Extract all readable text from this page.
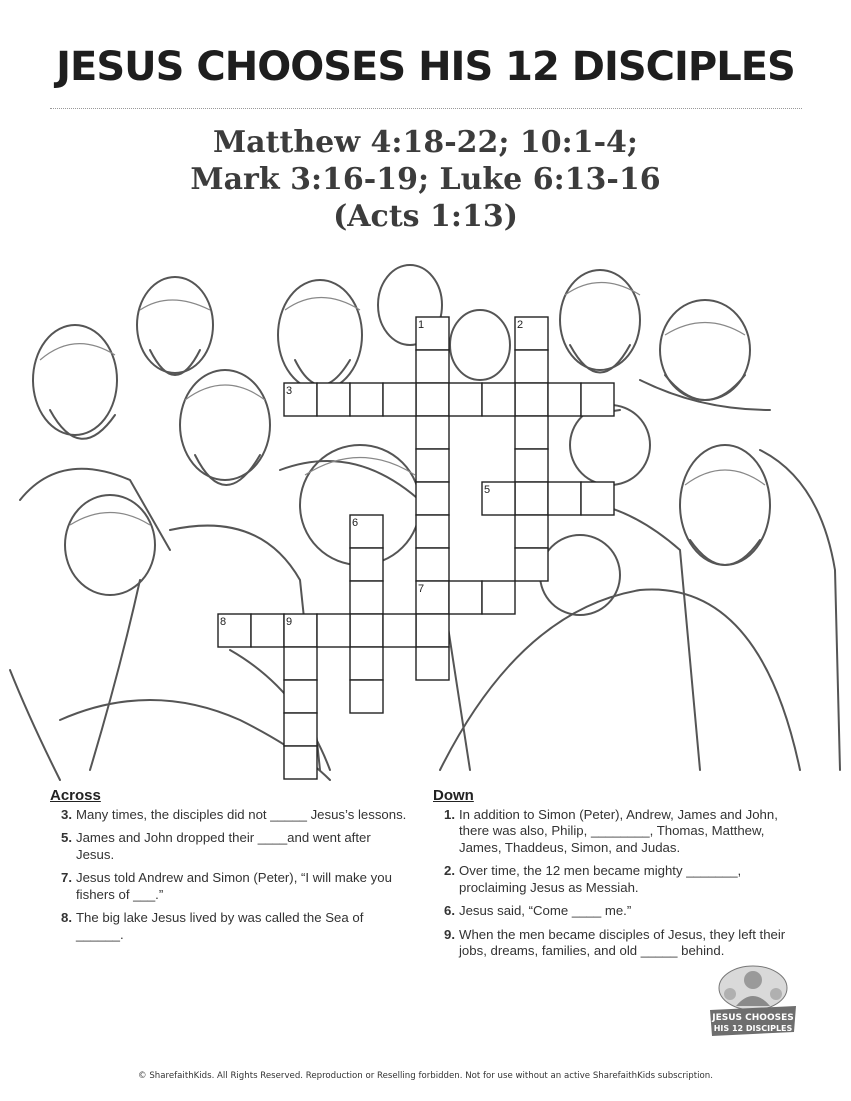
JESUS CHOOSES HIS 12 DISCIPLES
Matthew 4:18-22; 10:1-4;
Mark 3:16-19; Luke 6:13-16
(Acts 1:13)
1	2
3
5
6
7
8	9
Across
3. Many times, the disciples did not _____ Jesus’s lessons.
5. James and John dropped their ____and went after Jesus.
7. Jesus told Andrew and Simon (Peter), “I will make you fishers of ___.”
8. The big lake Jesus lived by was called the Sea of ______.
Down
1. In addition to Simon (Peter), Andrew, James and John, there was also, Philip, ________, Thomas, Matthew, James, Thaddeus, Simon, and Judas.
2. Over time, the 12 men became mighty _______, proclaiming Jesus as Messiah.
6. Jesus said, “Come ____ me.”
9. When the men became disciples of Jesus, they left their jobs, dreams, families, and old _____ behind.
JESUS CHOOSES
HIS 12 DISCIPLES
© SharefaithKids. All Rights Reserved. Reproduction or Reselling forbidden. Not for use without an active SharefaithKids subscription.
